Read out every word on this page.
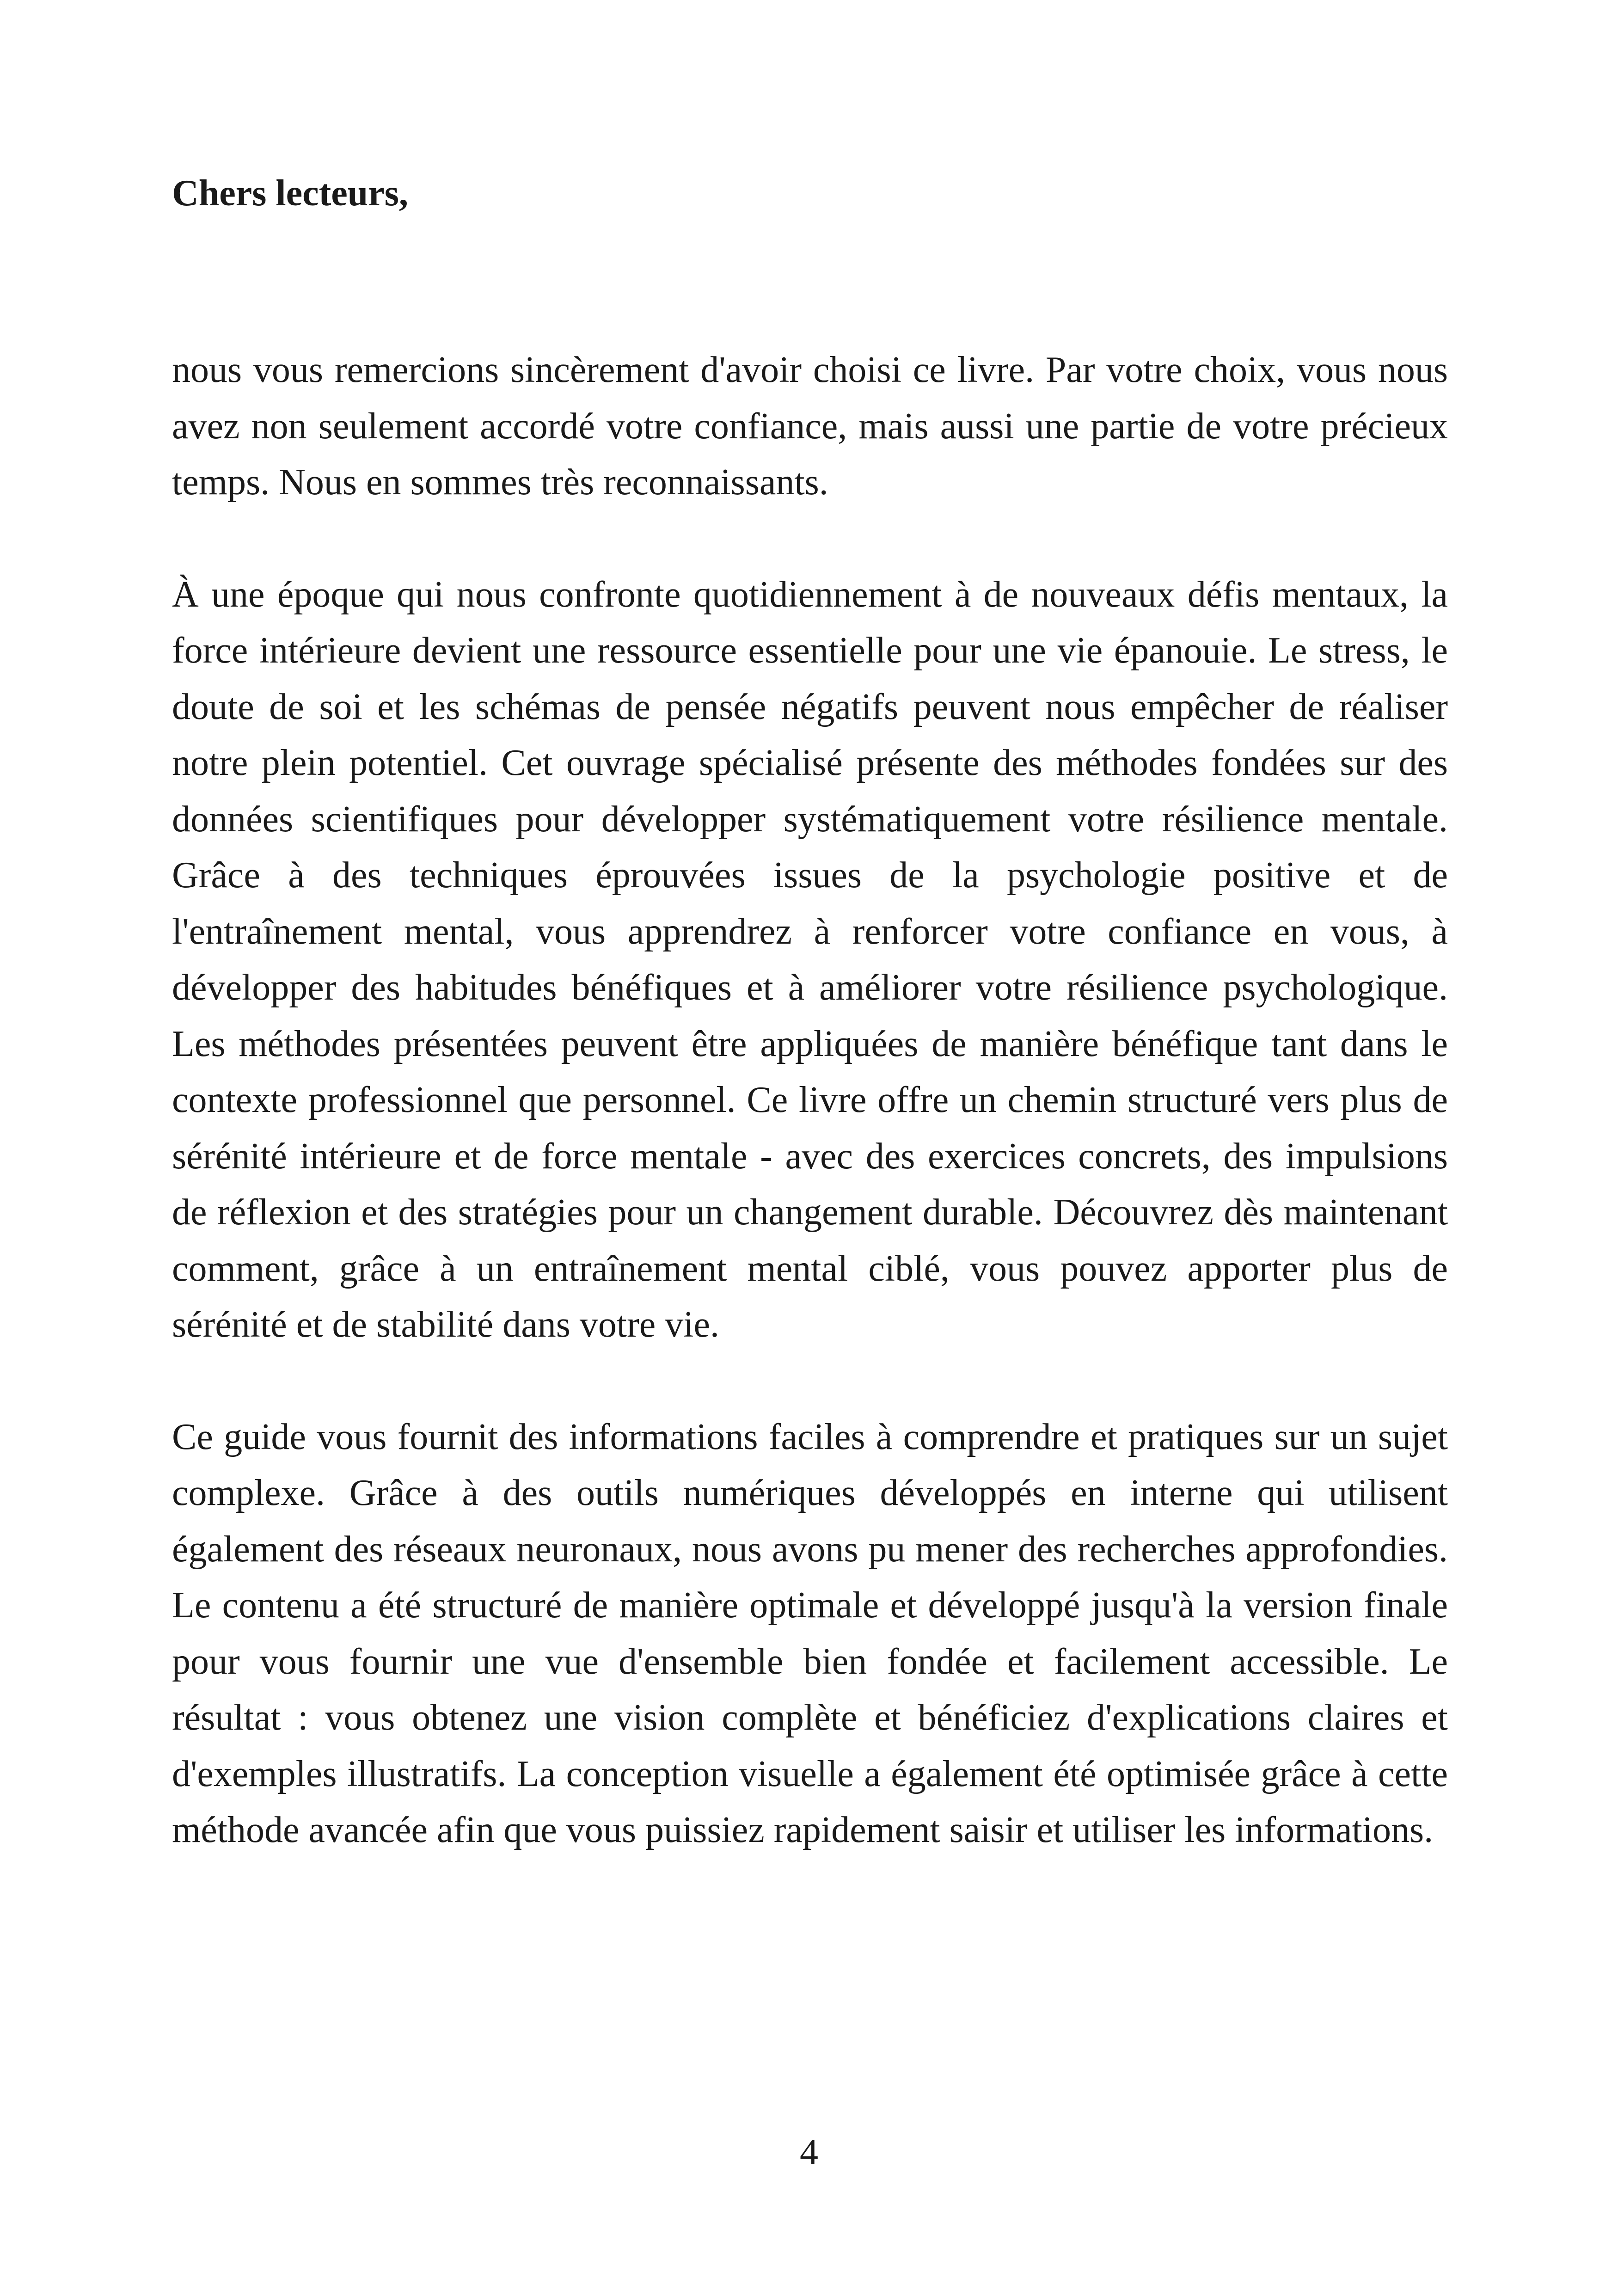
Chers lecteurs,

nous vous remercions sincèrement d'avoir choisi ce livre. Par votre choix, vous nous avez non seulement accordé votre confiance, mais aussi une partie de votre précieux temps. Nous en sommes très reconnaissants.

À une époque qui nous confronte quotidiennement à de nouveaux défis mentaux, la force intérieure devient une ressource essentielle pour une vie épanouie. Le stress, le doute de soi et les schémas de pensée négatifs peuvent nous empêcher de réaliser notre plein potentiel. Cet ouvrage spécialisé présente des méthodes fondées sur des données scientifiques pour développer systématiquement votre résilience mentale. Grâce à des techniques éprouvées issues de la psychologie positive et de l'entraînement mental, vous apprendrez à renforcer votre confiance en vous, à développer des habitudes bénéfiques et à améliorer votre résilience psychologique. Les méthodes présentées peuvent être appliquées de manière bénéfique tant dans le contexte professionnel que personnel. Ce livre offre un chemin structuré vers plus de sérénité intérieure et de force mentale - avec des exercices concrets, des impulsions de réflexion et des stratégies pour un changement durable. Découvrez dès maintenant comment, grâce à un entraînement mental ciblé, vous pouvez apporter plus de sérénité et de stabilité dans votre vie.

Ce guide vous fournit des informations faciles à comprendre et pratiques sur un sujet complexe. Grâce à des outils numériques développés en interne qui utilisent également des réseaux neuronaux, nous avons pu mener des recherches approfondies. Le contenu a été structuré de manière optimale et développé jusqu'à la version finale pour vous fournir une vue d'ensemble bien fondée et facilement accessible. Le résultat : vous obtenez une vision complète et bénéficiez d'explications claires et d'exemples illustratifs. La conception visuelle a également été optimisée grâce à cette méthode avancée afin que vous puissiez rapidement saisir et utiliser les informations.

4
